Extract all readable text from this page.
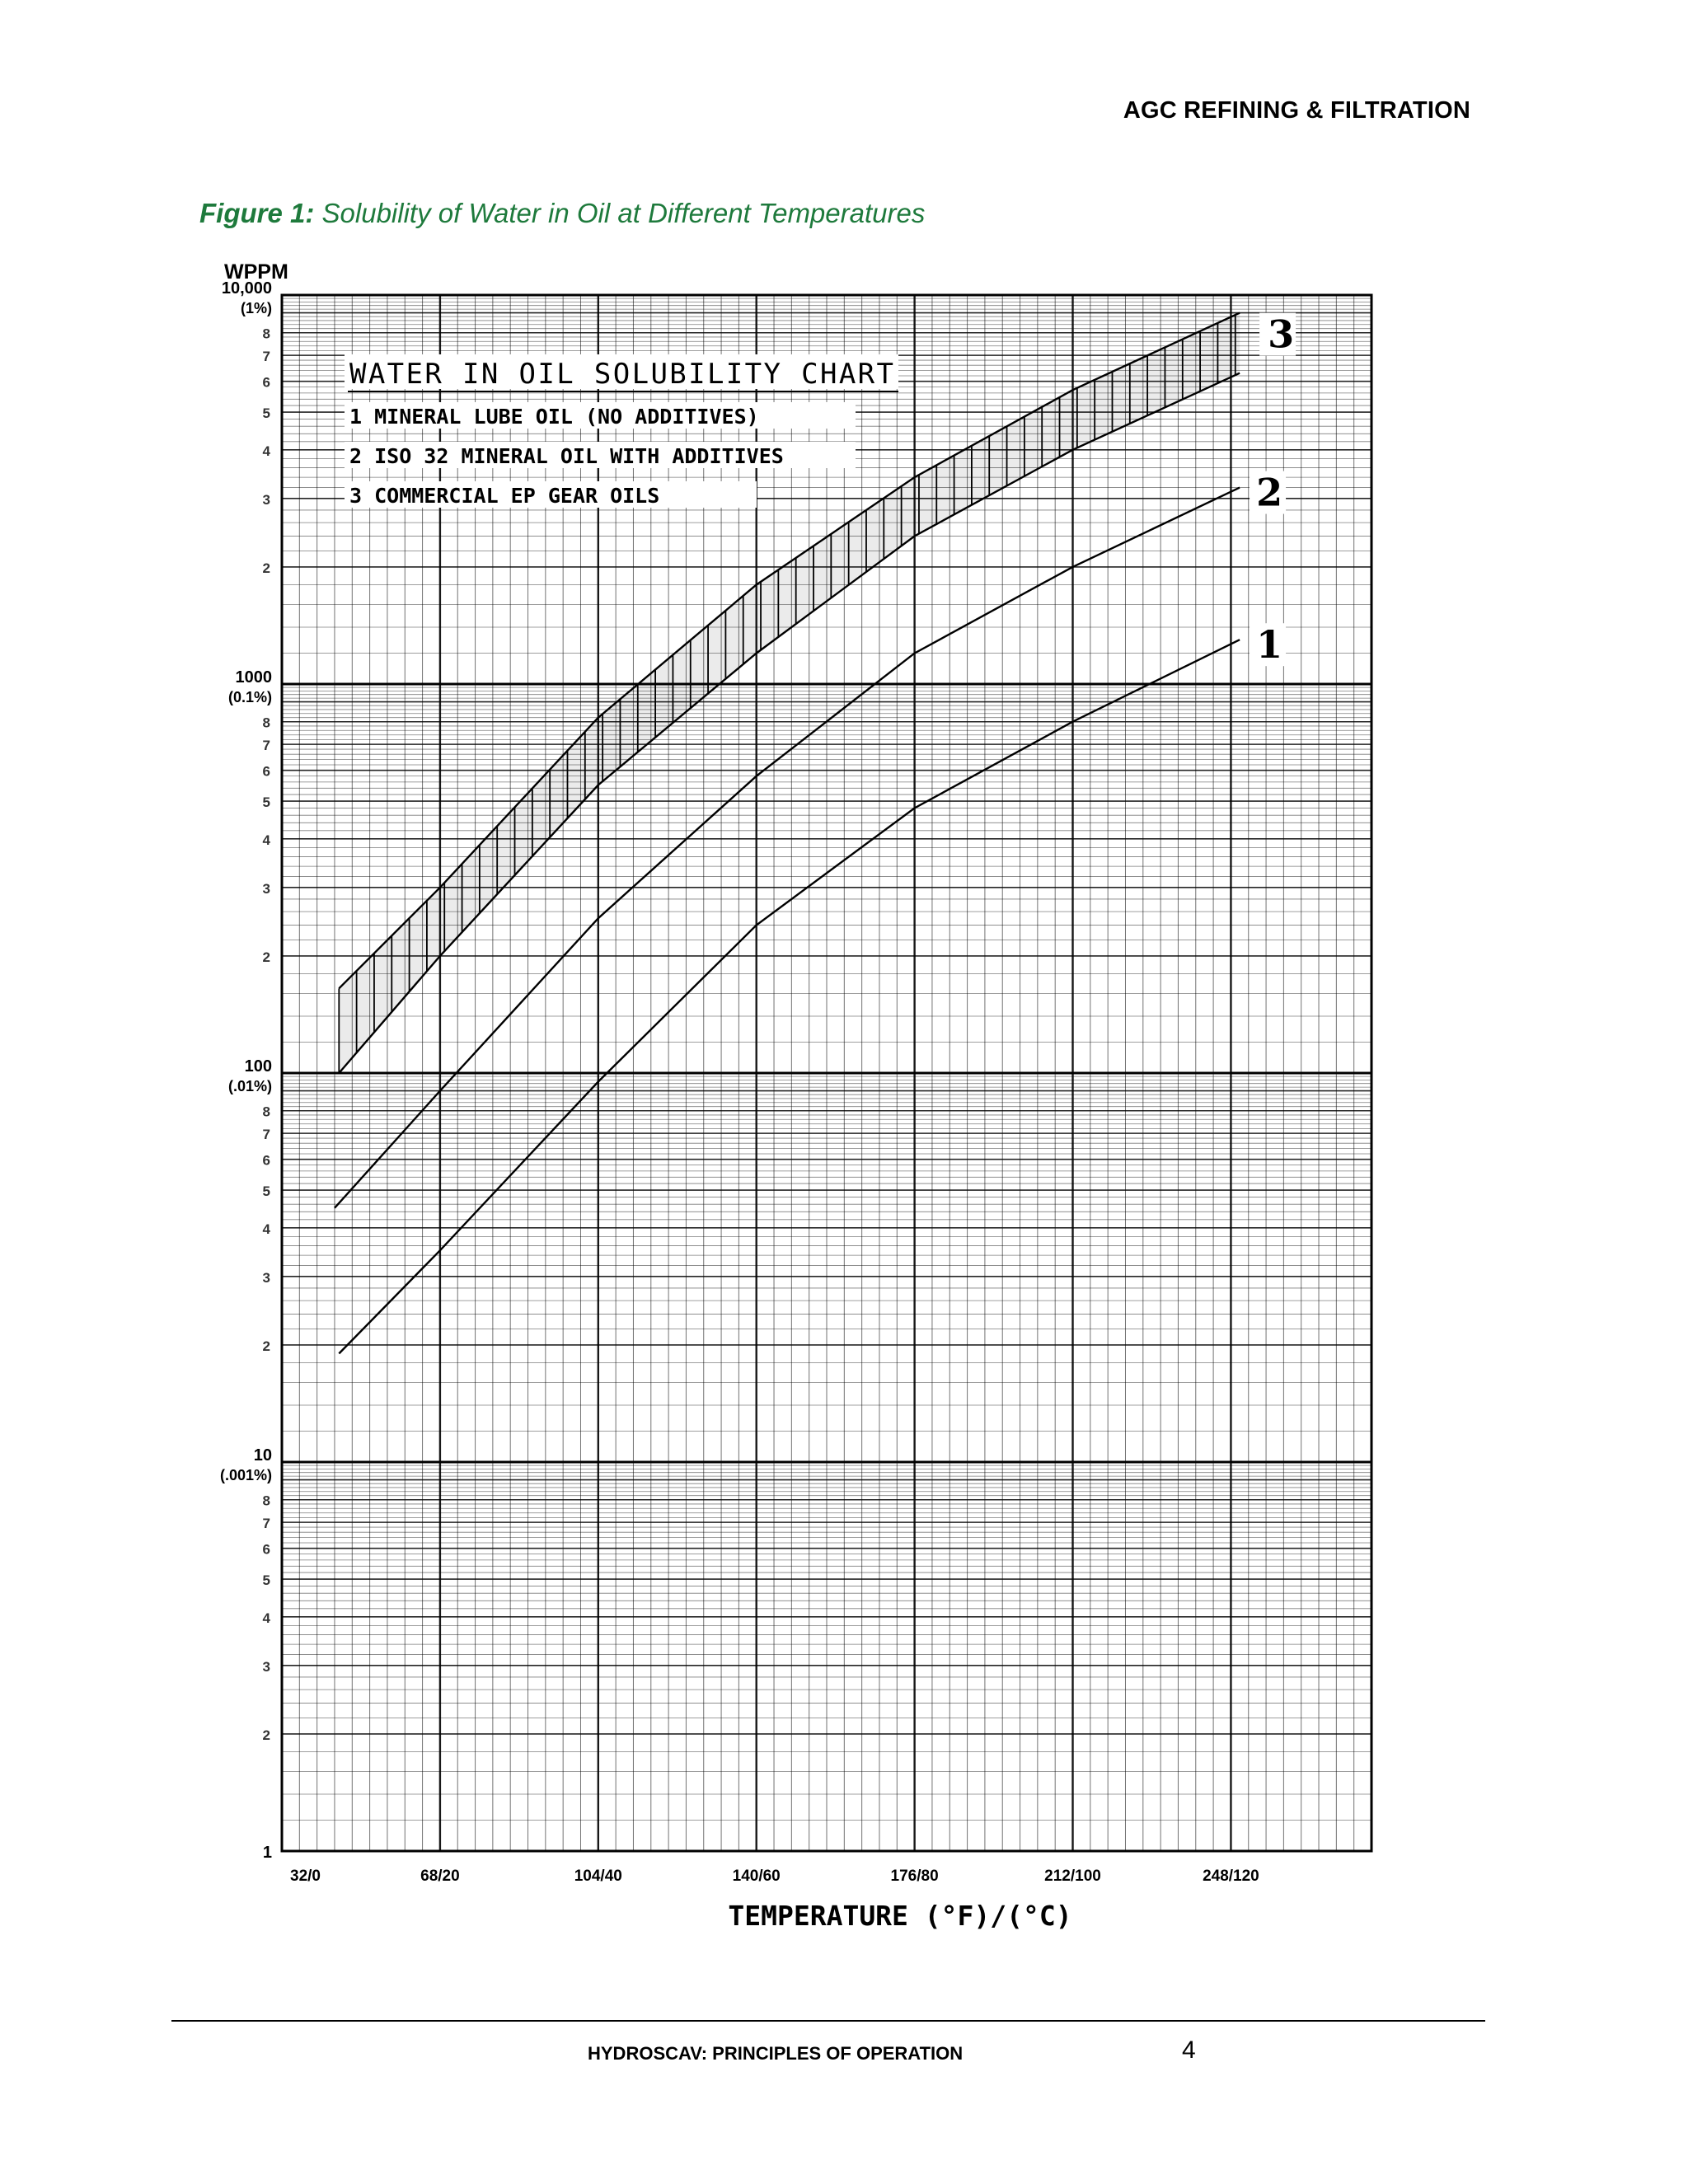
AGC REFINING & FILTRATION
Figure 1: Solubility of Water in Oil at Different Temperatures
10,000
(1%)
1000
(0.1%)
100
(.01%)
10
(.001%)
1
8
7
6
5
4
3
2
8
7
6
5
4
3
2
8
7
6
5
4
3
2
8
7
6
5
4
3
2
32/0	68/20	104/40	140/60	176/80	212/100	248/120
1
2
3
WPPM
TEMPERATURE (°F)/(°C)
WATER IN OIL SOLUBILITY CHART
1 MINERAL LUBE OIL (NO ADDITIVES)
2 ISO 32 MINERAL OIL WITH ADDITIVES
3 COMMERCIAL EP GEAR OILS
HYDROSCAV: PRINCIPLES OF OPERATION	4
